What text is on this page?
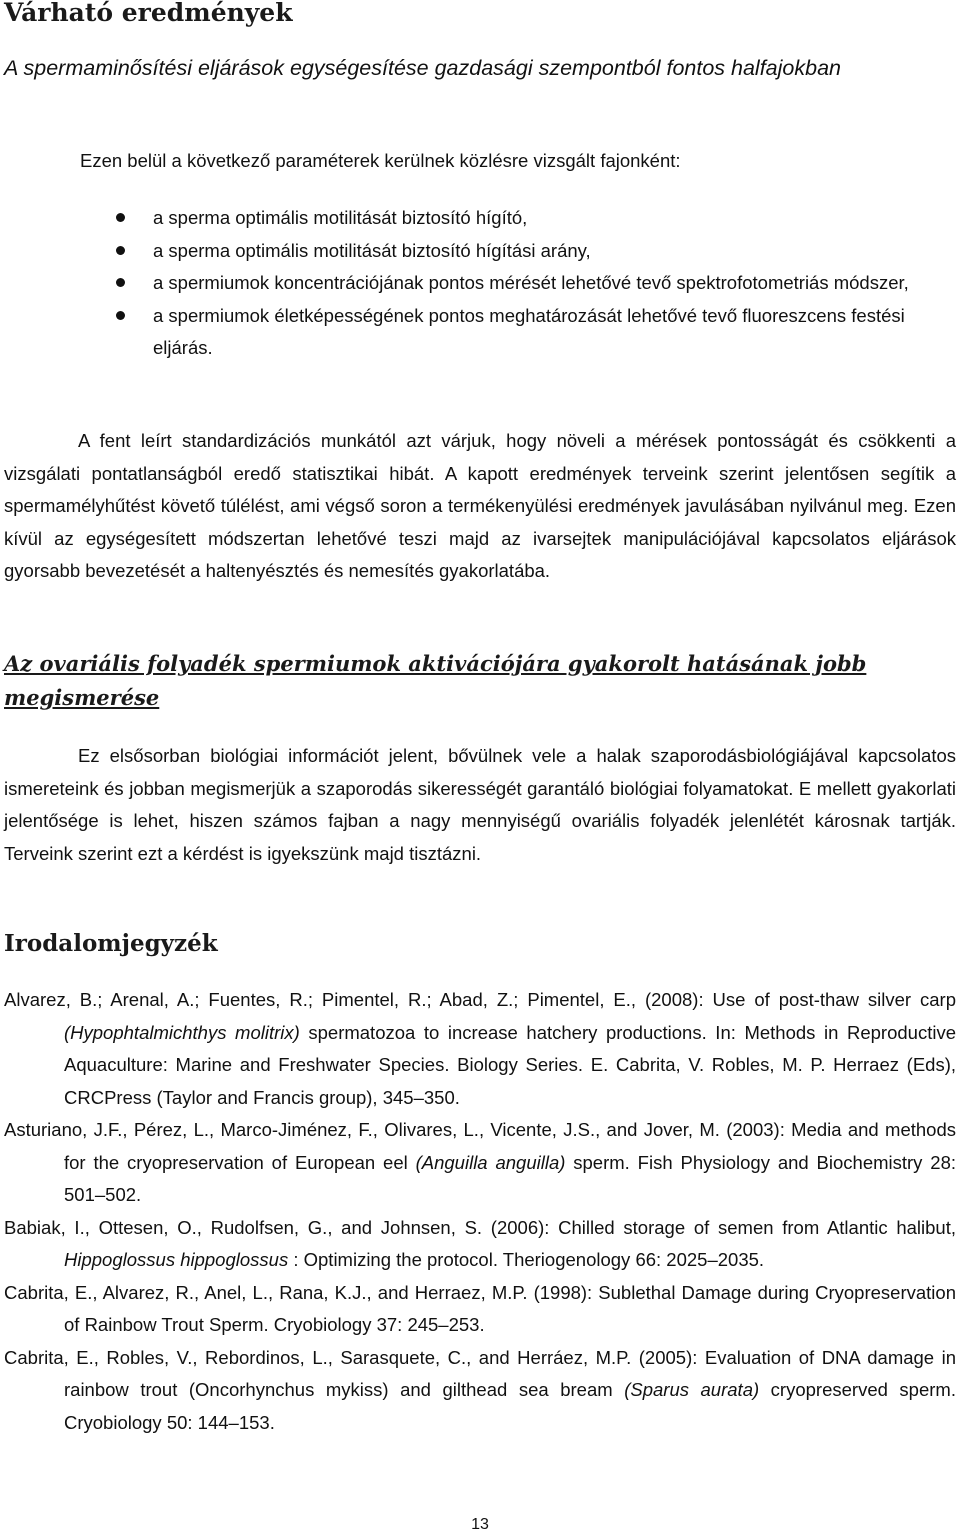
Várható eredmények
A spermaminősítési eljárások egységesítése gazdasági szempontból fontos halfajokban

Ezen belül a következő paraméterek kerülnek közlésre vizsgált fajonként:

a sperma optimális motilitását biztosító hígító,
a sperma optimális motilitását biztosító hígítási arány,
a spermiumok koncentrációjának pontos mérését lehetővé tevő spektrofotometriás módszer,
a spermiumok életképességének pontos meghatározását lehetővé tevő fluoreszcens festési eljárás.

A fent leírt standardizációs munkától azt várjuk, hogy növeli a mérések pontosságát és csökkenti a vizsgálati pontatlanságból eredő statisztikai hibát. A kapott eredmények terveink szerint jelentősen segítik a spermamélyhűtést követő túlélést, ami végső soron a termékenyülési eredmények javulásában nyilvánul meg. Ezen kívül az egységesített módszertan lehetővé teszi majd az ivarsejtek manipulációjával kapcsolatos eljárások gyorsabb bevezetését a haltenyésztés és nemesítés gyakorlatába.

Az ovariális folyadék spermiumok aktivációjára gyakorolt hatásának jobb megismerése

Ez elsősorban biológiai információt jelent, bővülnek vele a halak szaporodásbiológiájával kapcsolatos ismereteink és jobban megismerjük a szaporodás sikerességét garantáló biológiai folyamatokat. E mellett gyakorlati jelentősége is lehet, hiszen számos fajban a nagy mennyiségű ovariális folyadék jelenlétét károsnak tartják. Terveink szerint ezt a kérdést is igyekszünk majd tisztázni.

Irodalomjegyzék
Alvarez, B.; Arenal, A.; Fuentes, R.; Pimentel, R.; Abad, Z.; Pimentel, E., (2008): Use of post-thaw silver carp (Hypophtalmichthys molitrix) spermatozoa to increase hatchery productions. In: Methods in Reproductive Aquaculture: Marine and Freshwater Species. Biology Series. E. Cabrita, V. Robles, M. P. Herraez (Eds), CRCPress (Taylor and Francis group), 345–350.
Asturiano, J.F., Pérez, L., Marco-Jiménez, F., Olivares, L., Vicente, J.S., and Jover, M. (2003): Media and methods for the cryopreservation of European eel (Anguilla anguilla) sperm. Fish Physiology and Biochemistry 28: 501–502.
Babiak, I., Ottesen, O., Rudolfsen, G., and Johnsen, S. (2006): Chilled storage of semen from Atlantic halibut, Hippoglossus hippoglossus : Optimizing the protocol. Theriogenology 66: 2025–2035.
Cabrita, E., Alvarez, R., Anel, L., Rana, K.J., and Herraez, M.P. (1998): Sublethal Damage during Cryopreservation of Rainbow Trout Sperm. Cryobiology 37: 245–253.
Cabrita, E., Robles, V., Rebordinos, L., Sarasquete, C., and Herráez, M.P. (2005): Evaluation of DNA damage in rainbow trout (Oncorhynchus mykiss) and gilthead sea bream (Sparus aurata) cryopreserved sperm. Cryobiology 50: 144–153.
13
